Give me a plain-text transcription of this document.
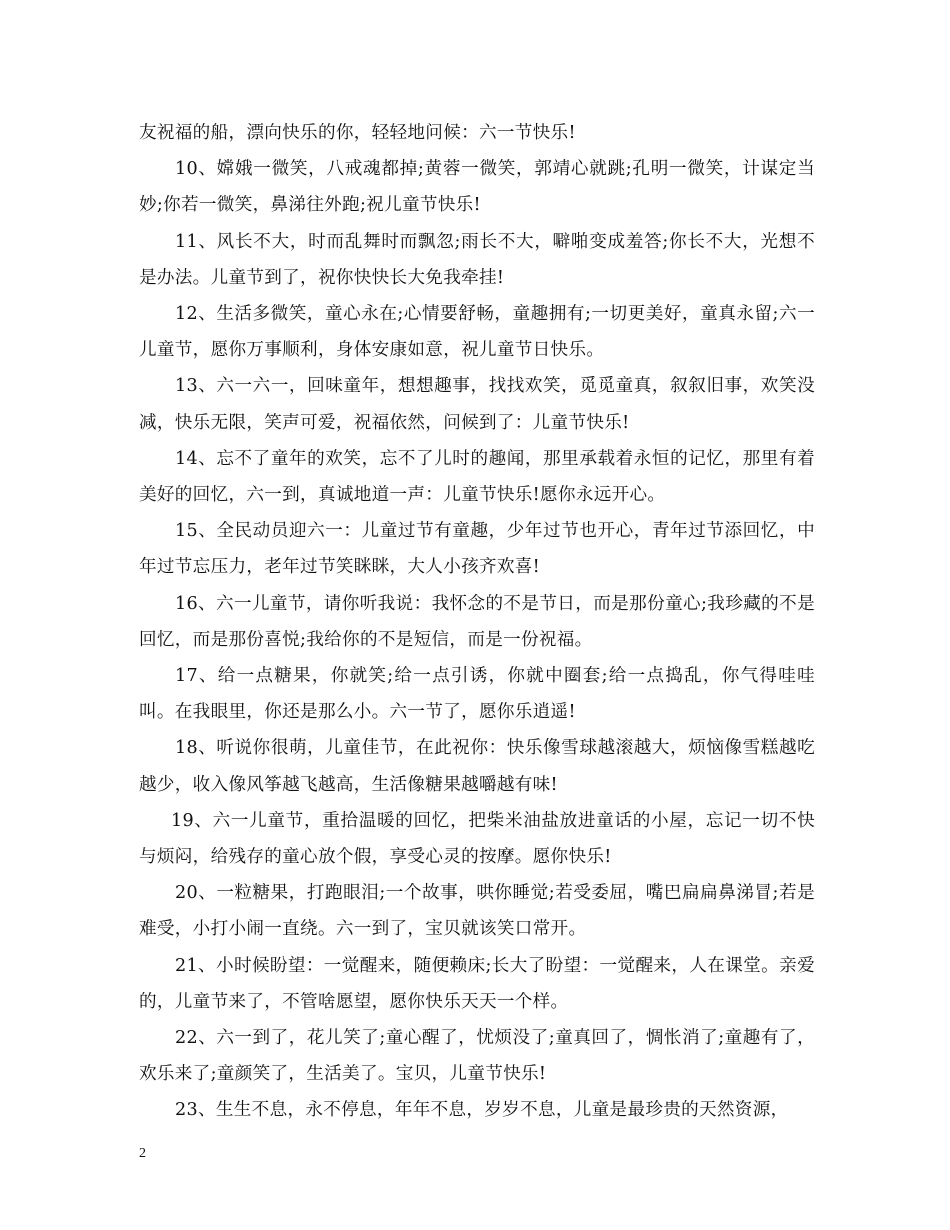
友祝福的船，漂向快乐的你，轻轻地问候：六一节快乐!

10、嫦娥一微笑，八戒魂都掉;黄蓉一微笑，郭靖心就跳;孔明一微笑，计谋定当妙;你若一微笑，鼻涕往外跑;祝儿童节快乐!

11、风长不大，时而乱舞时而飘忽;雨长不大，噼啪变成羞答;你长不大，光想不是办法。儿童节到了，祝你快快长大免我牵挂!

12、生活多微笑，童心永在;心情要舒畅，童趣拥有;一切更美好，童真永留;六一儿童节，愿你万事顺利，身体安康如意，祝儿童节日快乐。

13、六一六一，回味童年，想想趣事，找找欢笑，觅觅童真，叙叙旧事，欢笑没减，快乐无限，笑声可爱，祝福依然，问候到了：儿童节快乐!

14、忘不了童年的欢笑，忘不了儿时的趣闻，那里承载着永恒的记忆，那里有着美好的回忆，六一到，真诚地道一声：儿童节快乐!愿你永远开心。

15、全民动员迎六一：儿童过节有童趣，少年过节也开心，青年过节添回忆，中年过节忘压力，老年过节笑眯眯，大人小孩齐欢喜!

16、六一儿童节，请你听我说：我怀念的不是节日，而是那份童心;我珍藏的不是回忆，而是那份喜悦;我给你的不是短信，而是一份祝福。

17、给一点糖果，你就笑;给一点引诱，你就中圈套;给一点捣乱，你气得哇哇叫。在我眼里，你还是那么小。六一节了，愿你乐逍遥!

18、听说你很萌，儿童佳节，在此祝你：快乐像雪球越滚越大，烦恼像雪糕越吃越少，收入像风筝越飞越高，生活像糖果越嚼越有味!

19、六一儿童节，重拾温暖的回忆，把柴米油盐放进童话的小屋，忘记一切不快与烦闷，给残存的童心放个假，享受心灵的按摩。愿你快乐!

20、一粒糖果，打跑眼泪;一个故事，哄你睡觉;若受委屈，嘴巴扁扁鼻涕冒;若是难受，小打小闹一直绕。六一到了，宝贝就该笑口常开。

21、小时候盼望：一觉醒来，随便赖床;长大了盼望：一觉醒来，人在课堂。亲爱的，儿童节来了，不管啥愿望，愿你快乐天天一个样。

22、六一到了，花儿笑了;童心醒了，忧烦没了;童真回了，惆怅消了;童趣有了，欢乐来了;童颜笑了，生活美了。宝贝，儿童节快乐!

23、生生不息，永不停息，年年不息，岁岁不息，儿童是最珍贵的天然资源，

2
